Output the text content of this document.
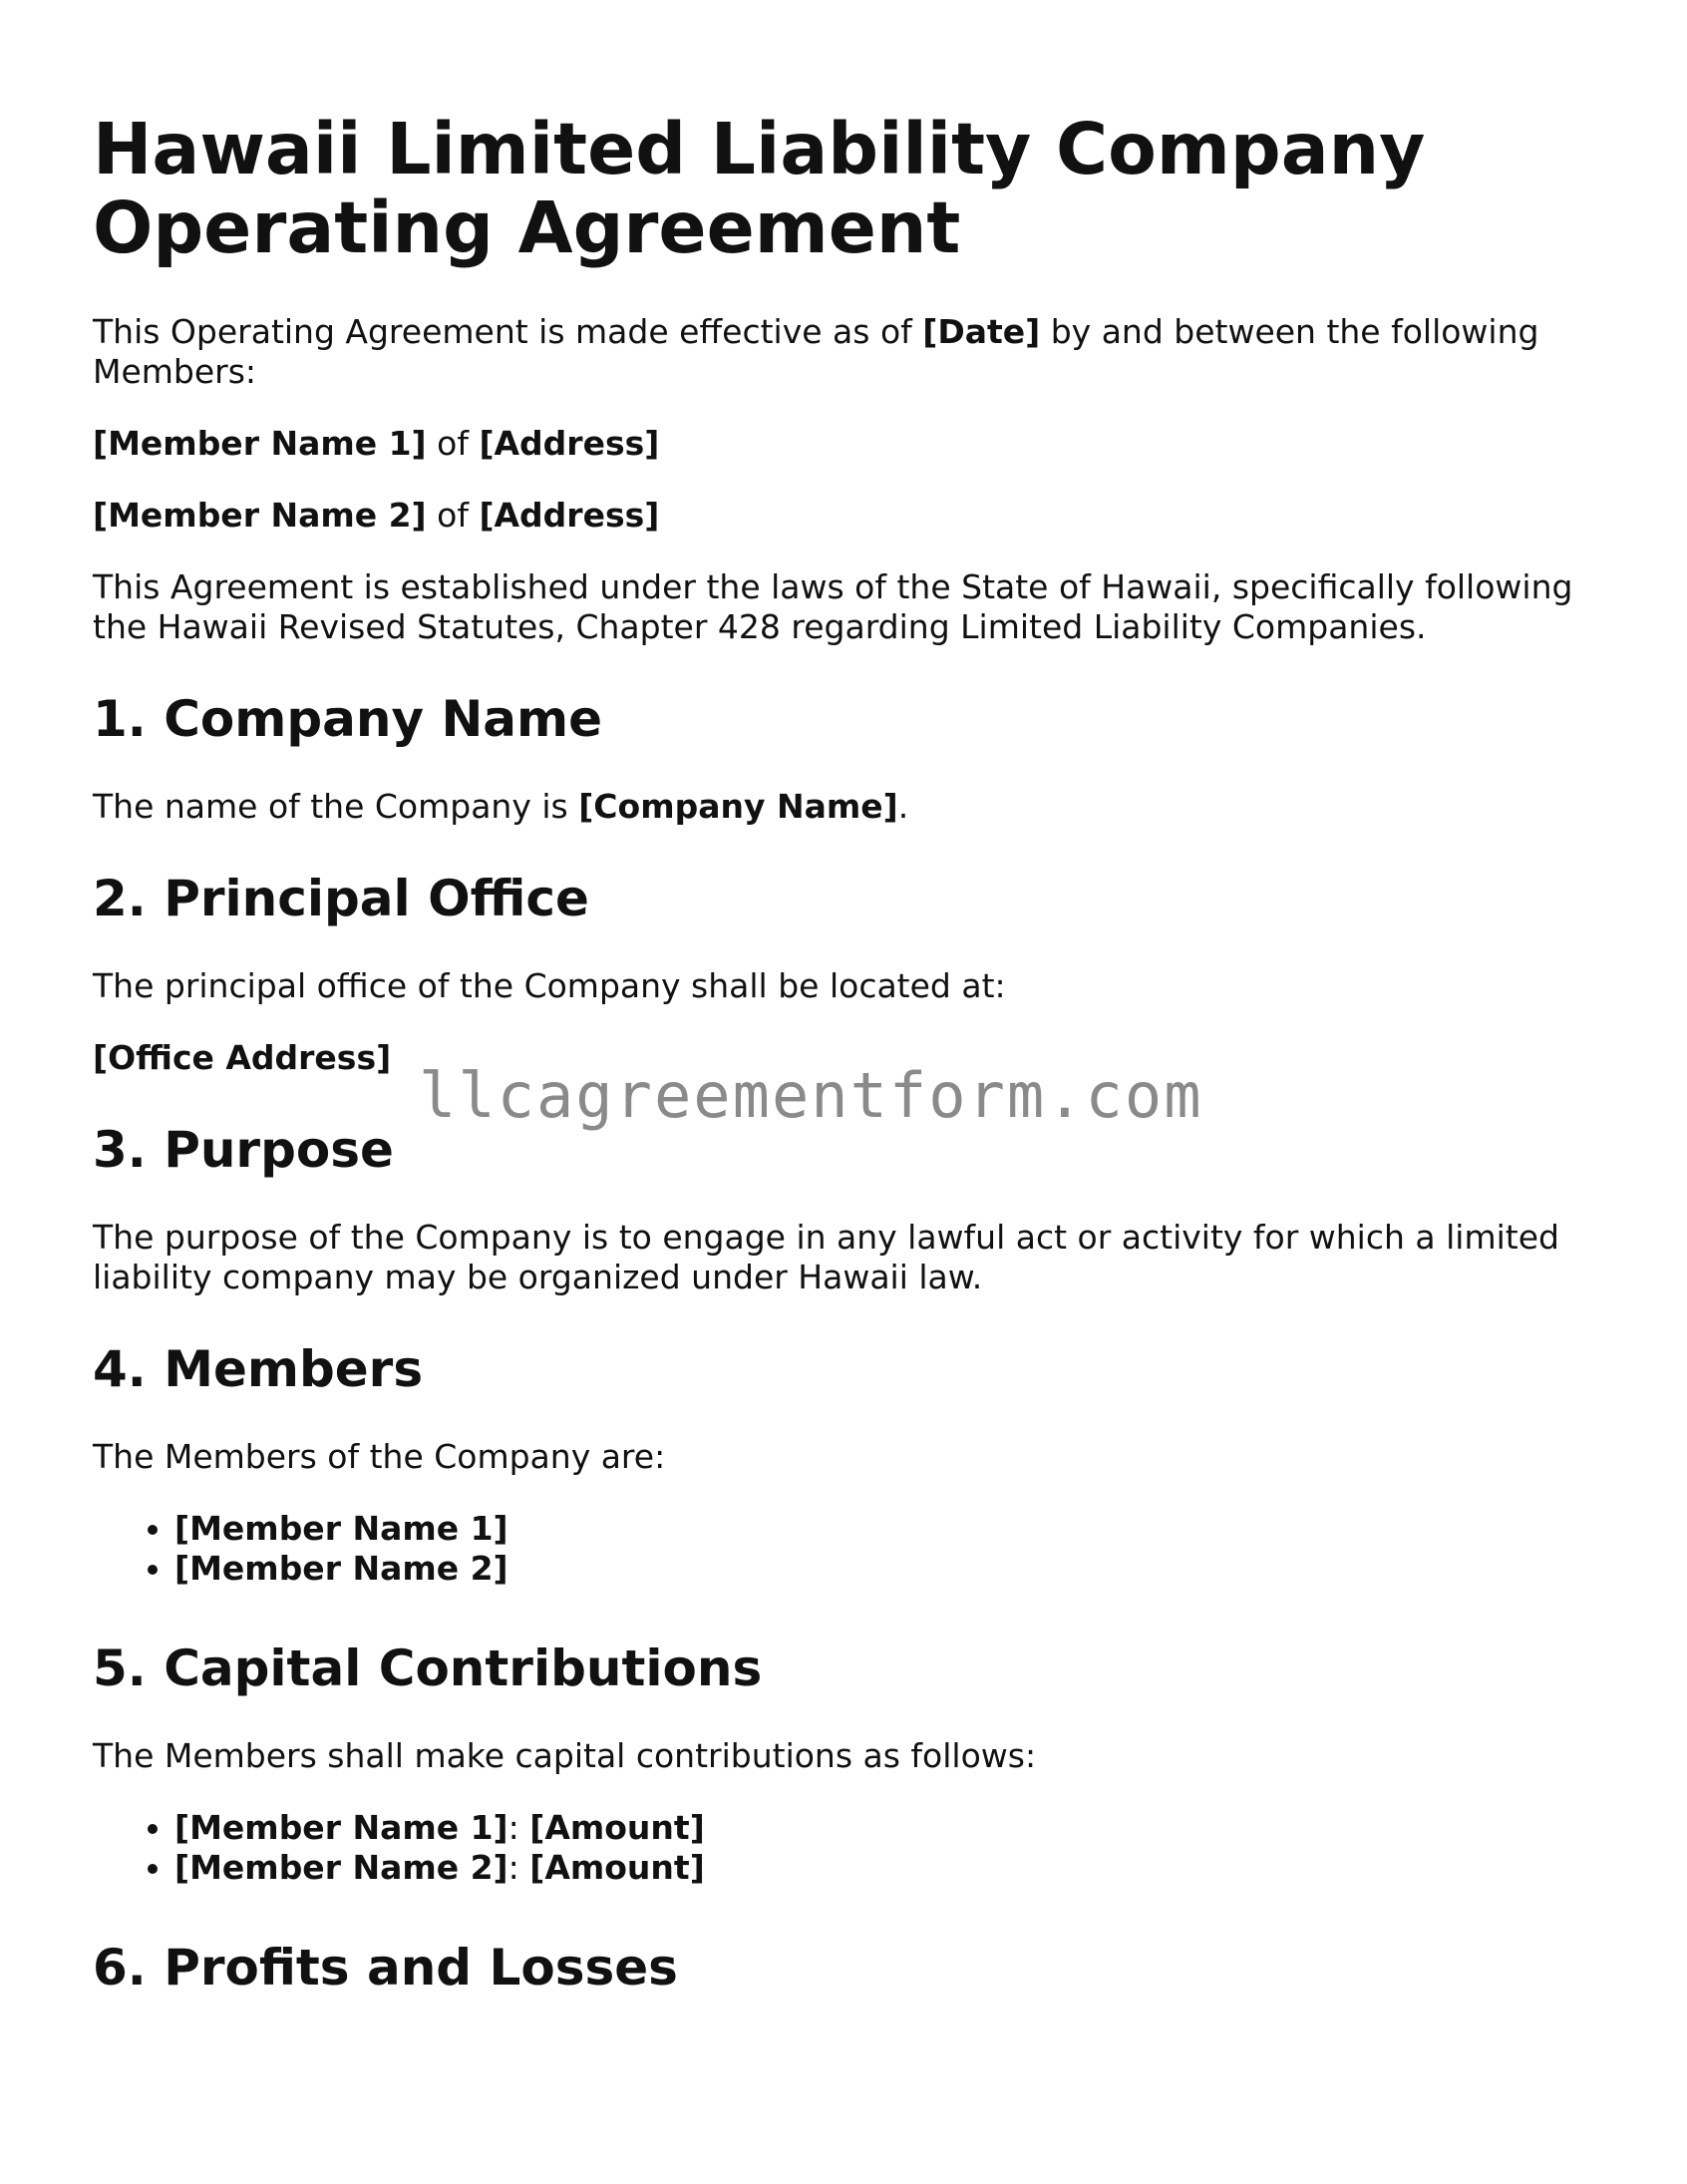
Hawaii Limited Liability Company Operating Agreement

This Operating Agreement is made effective as of [Date] by and between the following Members:

[Member Name 1] of [Address]

[Member Name 2] of [Address]

This Agreement is established under the laws of the State of Hawaii, specifically following the Hawaii Revised Statutes, Chapter 428 regarding Limited Liability Companies.

1. Company Name

The name of the Company is [Company Name].

2. Principal Office

The principal office of the Company shall be located at:

[Office Address]

3. Purpose

The purpose of the Company is to engage in any lawful act or activity for which a limited liability company may be organized under Hawaii law.

4. Members

The Members of the Company are:

• [Member Name 1]
• [Member Name 2]
5. Capital Contributions

The Members shall make capital contributions as follows:

• [Member Name 1]: [Amount]
• [Member Name 2]: [Amount]
6. Profits and Losses
llcagreementform.com
